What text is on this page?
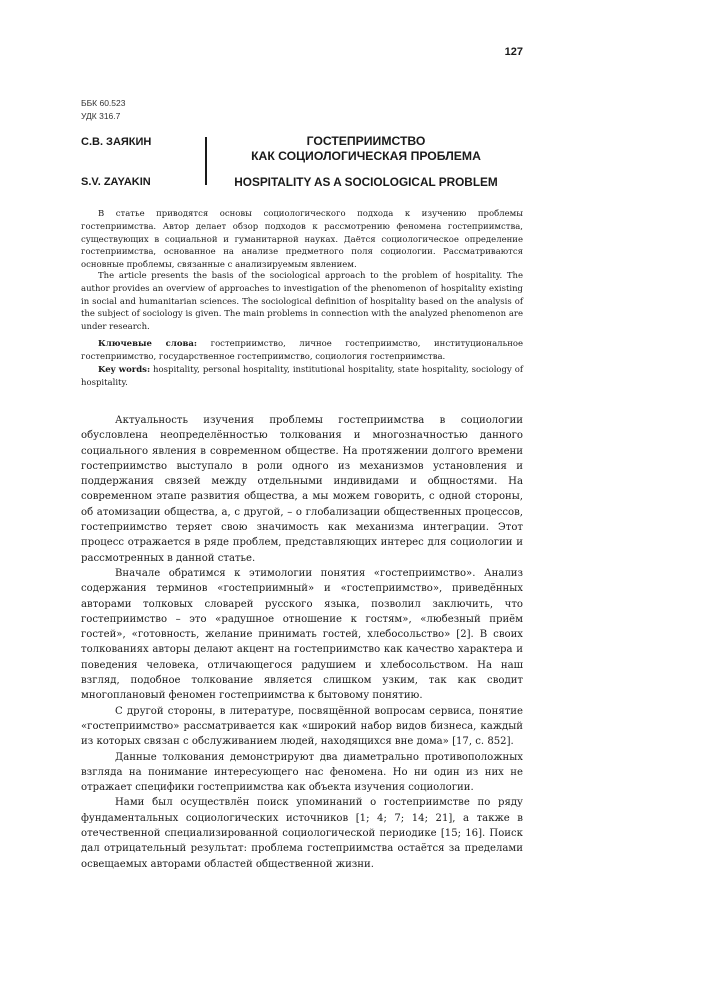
127
ББК 60.523
УДК 316.7
С.В. ЗАЯКИН
S.V. ZAYAKIN
ГОСТЕПРИИМСТВО
КАК СОЦИОЛОГИЧЕСКАЯ ПРОБЛЕМА
HOSPITALITY AS A SOCIOLOGICAL PROBLEM

В статье приводятся основы социологического подхода к изучению проблемы гостеприимства. Автор делает обзор подходов к рассмотрению феномена гостеприимства, существующих в социальной и гуманитарной науках. Даётся социологическое определение гостеприимства, основанное на анализе предметного поля социологии. Рассматриваются основные проблемы, связанные с анализируемым явлением.

The article presents the basis of the sociological approach to the problem of hospitality. The author provides an overview of approaches to investigation of the phenomenon of hospitality existing in social and humanitarian sciences. The sociological definition of hospitality based on the analysis of the subject of sociology is given. The main problems in connection with the analyzed phenomenon are under research.

Ключевые слова: гостеприимство, личное гостеприимство, институциональное гостеприимство, государственное гостеприимство, социология гостеприимства.

Key words: hospitality, personal hospitality, institutional hospitality, state hospitality, sociology of hospitality.

Актуальность изучения проблемы гостеприимства в социологии обусловлена неопределённостью толкования и многозначностью данного социального явления в современном обществе. На протяжении долгого времени гостеприимство выступало в роли одного из механизмов установления и поддержания связей между отдельными индивидами и общностями. На современном этапе развития общества, а мы можем говорить, с одной стороны, об атомизации общества, а, с другой, – о глобализации общественных процессов, гостеприимство теряет свою значимость как механизма интеграции. Этот процесс отражается в ряде проблем, представляющих интерес для социологии и рассмотренных в данной статье.

Вначале обратимся к этимологии понятия «гостеприимство». Анализ содержания терминов «гостеприимный» и «гостеприимство», приведённых авторами толковых словарей русского языка, позволил заключить, что гостеприимство – это «радушное отношение к гостям», «любезный приём гостей», «готовность, желание принимать гостей, хлебосольство» [2]. В своих толкованиях авторы делают акцент на гостеприимство как качество характера и поведения человека, отличающегося радушием и хлебосольством. На наш взгляд, подобное толкование является слишком узким, так как сводит многоплановый феномен гостеприимства к бытовому понятию.

С другой стороны, в литературе, посвящённой вопросам сервиса, понятие «гостеприимство» рассматривается как «широкий набор видов бизнеса, каждый из которых связан с обслуживанием людей, находящихся вне дома» [17, с. 852].

Данные толкования демонстрируют два диаметрально противоположных взгляда на понимание интересующего нас феномена. Но ни один из них не отражает специфики гостеприимства как объекта изучения социологии.

Нами был осуществлён поиск упоминаний о гостеприимстве по ряду фундаментальных социологических источников [1; 4; 7; 14; 21], а также в отечественной специализированной социологической периодике [15; 16]. Поиск дал отрицательный результат: проблема гостеприимства остаётся за пределами освещаемых авторами областей общественной жизни.
